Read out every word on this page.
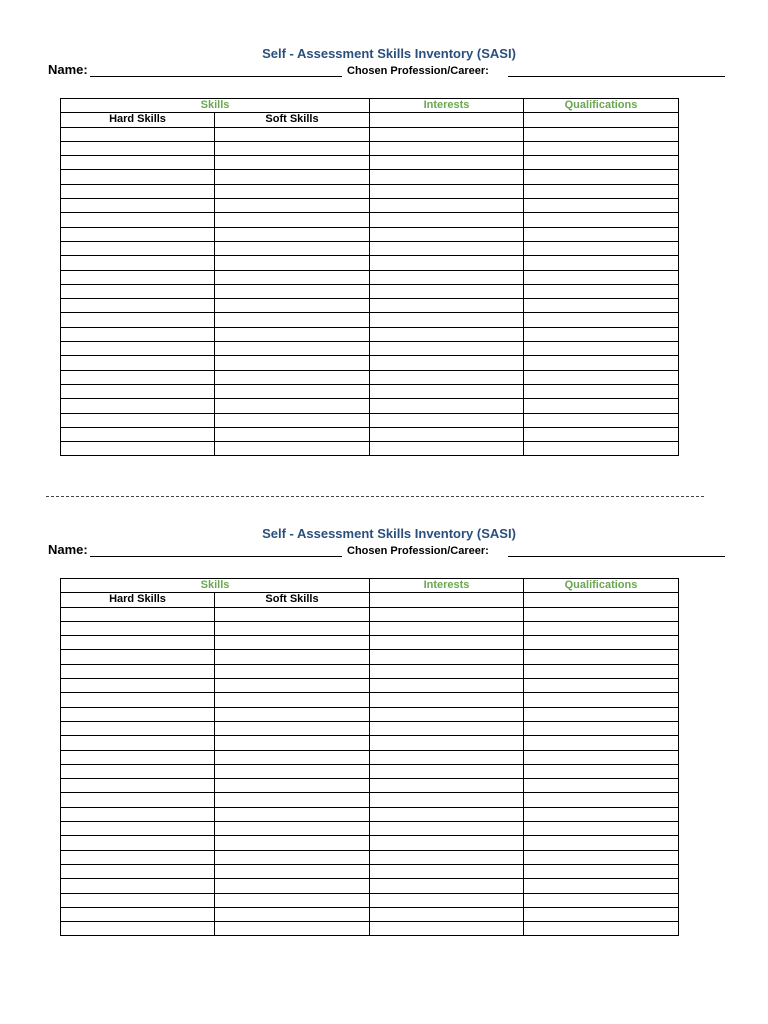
Self - Assessment Skills Inventory (SASI)
Name:	Chosen Profession/Career:
Skills		Interests	Qualifications
Hard Skills	Soft Skills		

Self - Assessment Skills Inventory (SASI)
Name:	Chosen Profession/Career:
Skills		Interests	Qualifications
Hard Skills	Soft Skills		
